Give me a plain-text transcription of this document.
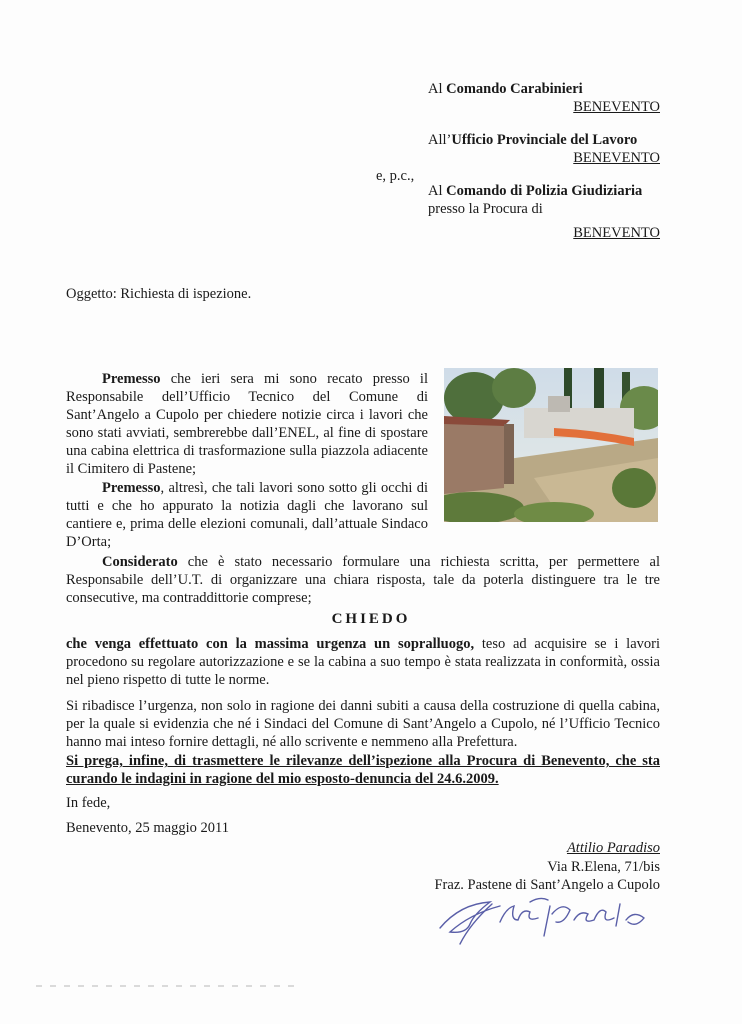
Al Comando Carabinieri
BENEVENTO
All’Ufficio Provinciale del Lavoro
BENEVENTO
e, p.c.,
Al Comando di Polizia Giudiziaria
presso la Procura di
BENEVENTO
Oggetto: Richiesta di ispezione.
Premesso che ieri sera mi sono recato presso il Responsabile dell’Ufficio Tecnico del Comune di Sant’Angelo a Cupolo per chiedere notizie circa i lavori che sono stati avviati, sembrerebbe dall’ENEL, al fine di spostare una cabina elettrica di trasformazione sulla piazzola adiacente il Cimitero di Pastene;
Premesso, altresì, che tali lavori sono sotto gli occhi di tutti e che ho appurato la notizia dagli che lavorano sul cantiere e, prima delle elezioni comunali, dall’attuale Sindaco D’Orta;
Considerato che è stato necessario formulare una richiesta scritta, per permettere al Responsabile dell’U.T. di organizzare una chiara risposta, tale da poterla distinguere tra le tre consecutive, ma contraddittorie comprese;
CHIEDO
che venga effettuato con la massima urgenza un sopralluogo, teso ad acquisire se i lavori procedono su regolare autorizzazione e se la cabina a suo tempo è stata realizzata in conformità, ossia nel pieno rispetto di tutte le norme.
Si ribadisce l’urgenza, non solo in ragione dei danni subiti a causa della costruzione di quella cabina, per la quale si evidenzia che né i Sindaci del Comune di Sant’Angelo a Cupolo, né l’Ufficio Tecnico hanno mai inteso fornire dettagli, né allo scrivente e nemmeno alla Prefettura.
Si prega, infine, di trasmettere le rilevanze dell’ispezione alla Procura di Benevento, che sta curando le indagini in ragione del mio esposto-denuncia del 24.6.2009.
In fede,
Benevento, 25 maggio 2011
Attilio Paradiso
Via R.Elena, 71/bis
Fraz. Pastene di Sant’Angelo a Cupolo
